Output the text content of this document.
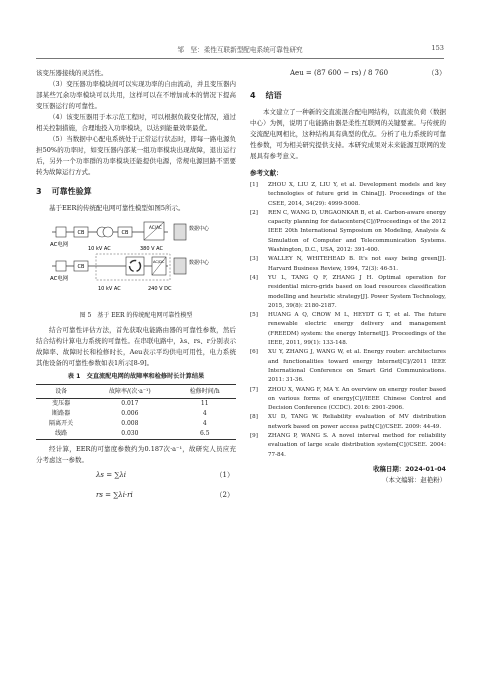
邹　坚：柔性互联新型配电系统可靠性研究	153

该变压器接线的灵活性。

（3）变压器功率模块间可以实现功率的自由流动，并且变压器内部某些冗余功率模块可以共用，这样可以在不增加成本的情况下提高变压器运行的可靠性。

（4）该变压器用于本示范工程时，可以根据负载变化情况，通过相关控制措施，合理地投入功率模块，以达到能量效率最优。

（5）当数据中心配电系统处于正常运行状态时，即每一路电源负担50%的功率时，如变压器内部某一组功率模块出现故障，退出运行后，另外一个功率群的功率模块还能提供电源，常规电源回路不需要转为故障运行方式。

3 可靠性验算

基于EER的传统配电网可靠性模型如图5所示。

CB	CB
AC/AC	数据中心
AC电网
10 kV AC	380 V AC
CB
AC/DC	数据中心
AC电网
10 kV AC	240 V DC
图 5　基于 EER 的传统配电网可靠性模型

结合可靠性评估方法，首先获取电能路由器的可靠性参数，然后结合结构计算电力系统的可靠性。在串联电路中，λs、rs、r分别表示故障率、故障时长和检修时长，Aeu表示平均供电可用性，电力系统其他设备的可靠性参数如表1所示[8-9]。

表 1　交直流配电网的故障率和检修时长计算结果
设备	故障率/(次·a⁻¹)	检修时间/h
变压器	0.017	11
断路器	0.006	4
隔离开关	0.008	4
线路	0.030	6.5

经计算，EER的可靠度参数约为0.187次·a⁻¹，故研究人员应充分考虑这一参数。

λs = ∑λi	（1）
rs = ∑λi·ri	（2）
Aeu = (87 600 − rs) / 8 760	（3）
4 结语

本文建立了一种新的交直流混合配电网结构，以直流负荷（数据中心）为例，说明了电能路由器是柔性互联网的关键要素。与传统的交流配电网相比，这种结构具有典型的优点。分析了电力系统的可靠性参数，可为相关研究提供支持。本研究成果对未来能源互联网的发展具有参考意义。

参考文献：
[1]	ZHOU X, LIU Z, LIU Y, et al. Development models and key technologies of future grid in China[J]. Proceedings of the CSEE, 2014, 34(29): 4999-5008.
[2]	REN C, WANG D, URGAONKAR B, et al. Carbon-aware energy capacity planning for datacenters[C]//Proceedings of the 2012 IEEE 20th International Symposium on Modeling, Analysis & Simulation of Computer and Telecommunication Systems. Washington, D.C., USA, 2012: 391-400.
[3]	WALLEY N, WHITEHEAD B. It's not easy being green[J]. Harvard Business Review, 1994, 72(3): 46-51.
[4]	YU L, TANG Q F, ZHANG J H. Optimal operation for residential micro-grids based on load resources classification modelling and heuristic strategy[J]. Power System Technology, 2015, 39(8): 2180-2187.
[5]	HUANG A Q, CROW M L, HEYDT G T, et al. The future renewable electric energy delivery and management (FREEDM) system: the energy Internet[J]. Proceedings of the IEEE, 2011, 99(1): 133-148.
[6]	XU Y, ZHANG J, WANG W, et al. Energy router: architectures and functionalities toward energy Internet[C]//2011 IEEE International Conference on Smart Grid Communications. 2011: 31-36.
[7]	ZHOU X, WANG F, MA Y. An overview on energy router based on various forms of energy[C]//IEEE Chinese Control and Decision Conference (CCDC). 2016: 2901-2906.
[8]	XU D, TANG W. Reliability evaluation of MV distribution network based on power access path[C]//CSEE. 2009: 44-49.
[9]	ZHANG P, WANG S. A novel interval method for reliability evaluation of large scale distribution system[C]//CSEE. 2004: 77-84.
收稿日期：2024-01-04
（本文编辑：赵艳粉）
